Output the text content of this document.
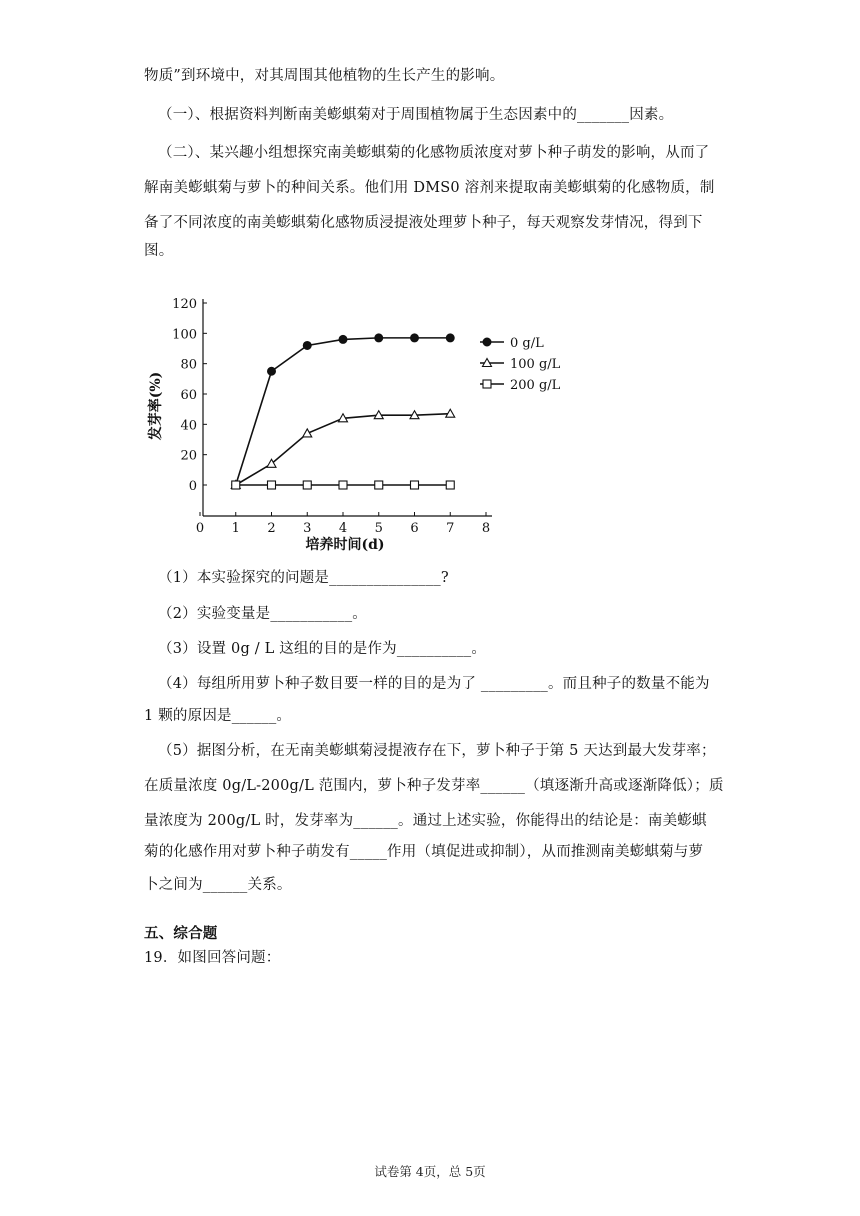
物质”到环境中，对其周围其他植物的生长产生的影响。
（一）、根据资料判断南美蟛蜞菊对于周围植物属于生态因素中的_______因素。
（二）、某兴趣小组想探究南美蟛蜞菊的化感物质浓度对萝卜种子萌发的影响，从而了
解南美蟛蜞菊与萝卜的种间关系。他们用 DMS0 溶剂来提取南美蟛蜞菊的化感物质，制
备了不同浓度的南美蟛蜞菊化感物质浸提液处理萝卜种子，每天观察发芽情况，得到下
图。
0
20
40
60
80
100
120
0 1 2 3 4 5 6 7 8
培养时间(d)
发芽率(%)
0 g/L
100 g/L
200 g/L
（1）本实验探究的问题是_______________?
（2）实验变量是___________。
（3）设置 0g / L 这组的目的是作为__________。
（4）每组所用萝卜种子数目要一样的目的是为了 _________。而且种子的数量不能为
1 颗的原因是______。
（5）据图分析，在无南美蟛蜞菊浸提液存在下，萝卜种子于第 5 天达到最大发芽率；
在质量浓度 0g/L-200g/L 范围内，萝卜种子发芽率______（填逐渐升高或逐渐降低）；质
量浓度为 200g/L 时，发芽率为______。通过上述实验，你能得出的结论是：南美蟛蜞
菊的化感作用对萝卜种子萌发有_____作用（填促进或抑制），从而推测南美蟛蜞菊与萝
卜之间为______关系。
五、综合题
19．如图回答问题：
试卷第 4页，总 5页
